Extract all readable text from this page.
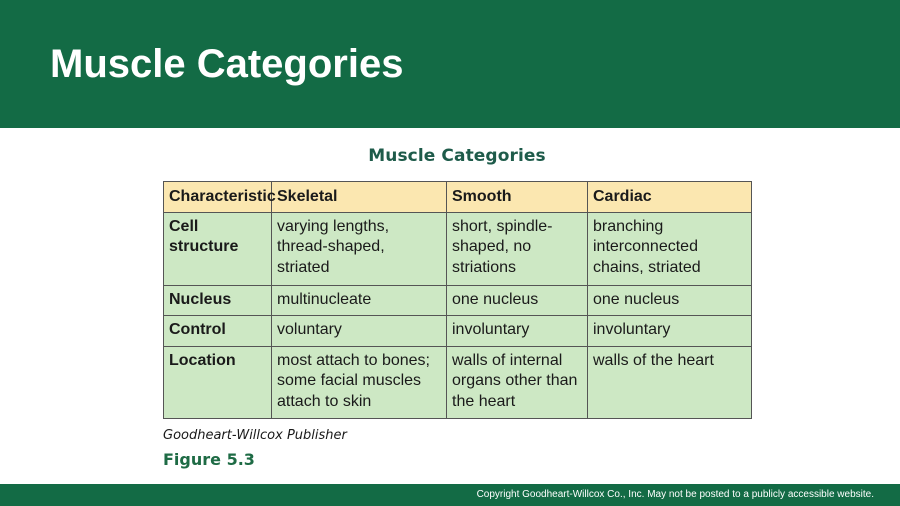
Muscle Categories
Muscle Categories
Characteristic	Skeletal	Smooth	Cardiac
Cell structure	varying lengths, thread-shaped, striated	short, spindle-shaped, no striations	branching interconnected chains, striated
Nucleus	multinucleate	one nucleus	one nucleus
Control	voluntary	involuntary	involuntary
Location	most attach to bones; some facial muscles attach to skin	walls of internal organs other than the heart	walls of the heart
Goodheart-Willcox Publisher
Figure 5.3
Copyright Goodheart-Willcox Co., Inc. May not be posted to a publicly accessible website.
